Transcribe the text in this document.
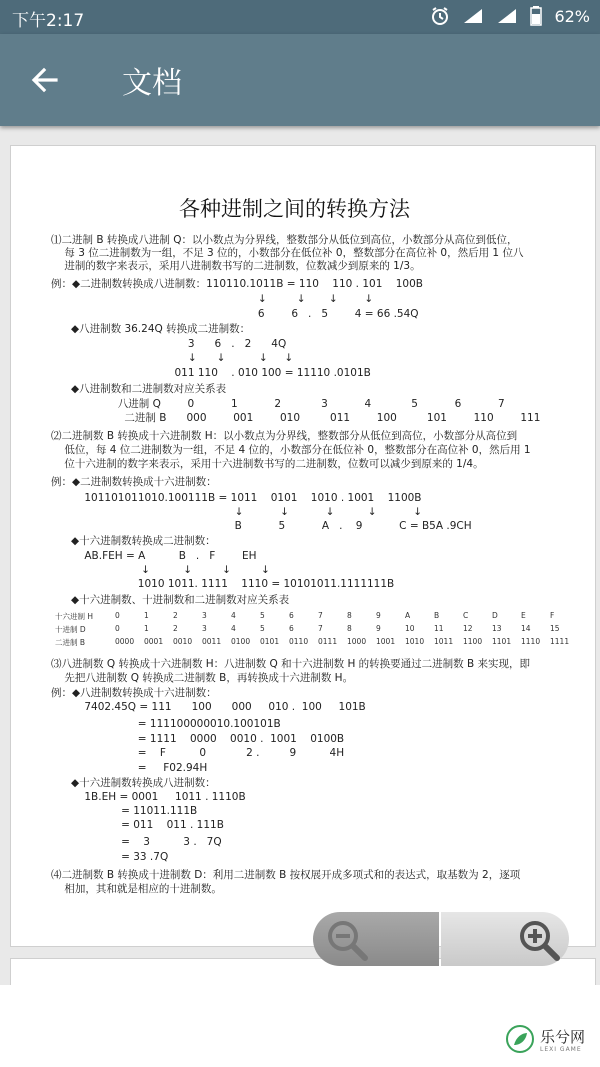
下午2:17	62%
文档
各种进制之间的转换方法
⑴二进制 B 转换成八进制 Q：以小数点为分界线，整数部分从低位到高位，小数部分从高位到低位，
每 3 位二进制数为一组，不足 3 位的，小数部分在低位补 0，整数部分在高位补 0，然后用 1 位八
进制的数字来表示，采用八进制数书写的二进制数，位数减少到原来的 1/3。
例：◆二进制数转换成八进制数：110110.1011B = 110    110 . 101    100B
↓         ↓       ↓        ↓
6        6   .   5        4 = 66 .54Q
◆八进制数 36.24Q 转换成二进制数：
3      6   .   2      4Q
↓      ↓          ↓     ↓
011 110    . 010 100 = 11110 .0101B
◆八进制数和二进制数对应关系表
八进制 Q        0           1           2            3           4            5           6           7
二进制 B      000        001        010         011        100         101        110        111
⑵二进制数 B 转换成十六进制数 H：以小数点为分界线，整数部分从低位到高位，小数部分从高位到
低位，每 4 位二进制数为一组，不足 4 位的，小数部分在低位补 0，整数部分在高位补 0，然后用 1
位十六进制的数字来表示，采用十六进制数书写的二进制数，位数可以减少到原来的 1/4。
例：◆二进制数转换成十六进制数：
101101011010.100111B = 1011    0101    1010 . 1001    1100B
↓           ↓           ↓          ↓           ↓
B           5           A   .    9           C = B5A .9CH
◆十六进制数转换成二进制数：
AB.FEH = A          B   .   F        EH
↓          ↓         ↓         ↓
1010 1011. 1111    1110 = 10101011.1111111B
◆十六进制数、十进制数和二进制数对应关系表
⑶八进制数 Q 转换成十六进制数 H：八进制数 Q 和十六进制数 H 的转换要通过二进制数 B 来实现，即
先把八进制数 Q 转换成二进制数 B，再转换成十六进制数 H。
例：◆八进制数转换成十六进制数：
7402.45Q = 111      100      000     010 .  100     101B
= 111100000010.100101B
= 1111    0000    0010 .  1001    0100B
=    F          0            2 .         9          4H
=     F02.94H
◆十六进制数转换成八进制数：
1B.EH = 0001     1011 . 1110B
= 11011.111B
= 011    011 . 111B
=    3          3 .   7Q
= 33 .7Q
⑷二进制数 B 转换成十进制数 D：利用二进制数 B 按权展开成多项式和的表达式，取基数为 2，逐项
相加，其和就是相应的十进制数。
十六进制 H	0	1	2	3	4	5	6	7	8	9	A	B	C	D	E	F
十进制 D	0	1	2	3	4	5	6	7	8	9	10	11	12	13	14	15
二进制 B	0000 0001 0010 0011 0100 0101 0110 0111 1000 1001 1010 1011 1100 1101 1110 1111
乐兮网
LEXI GAME
